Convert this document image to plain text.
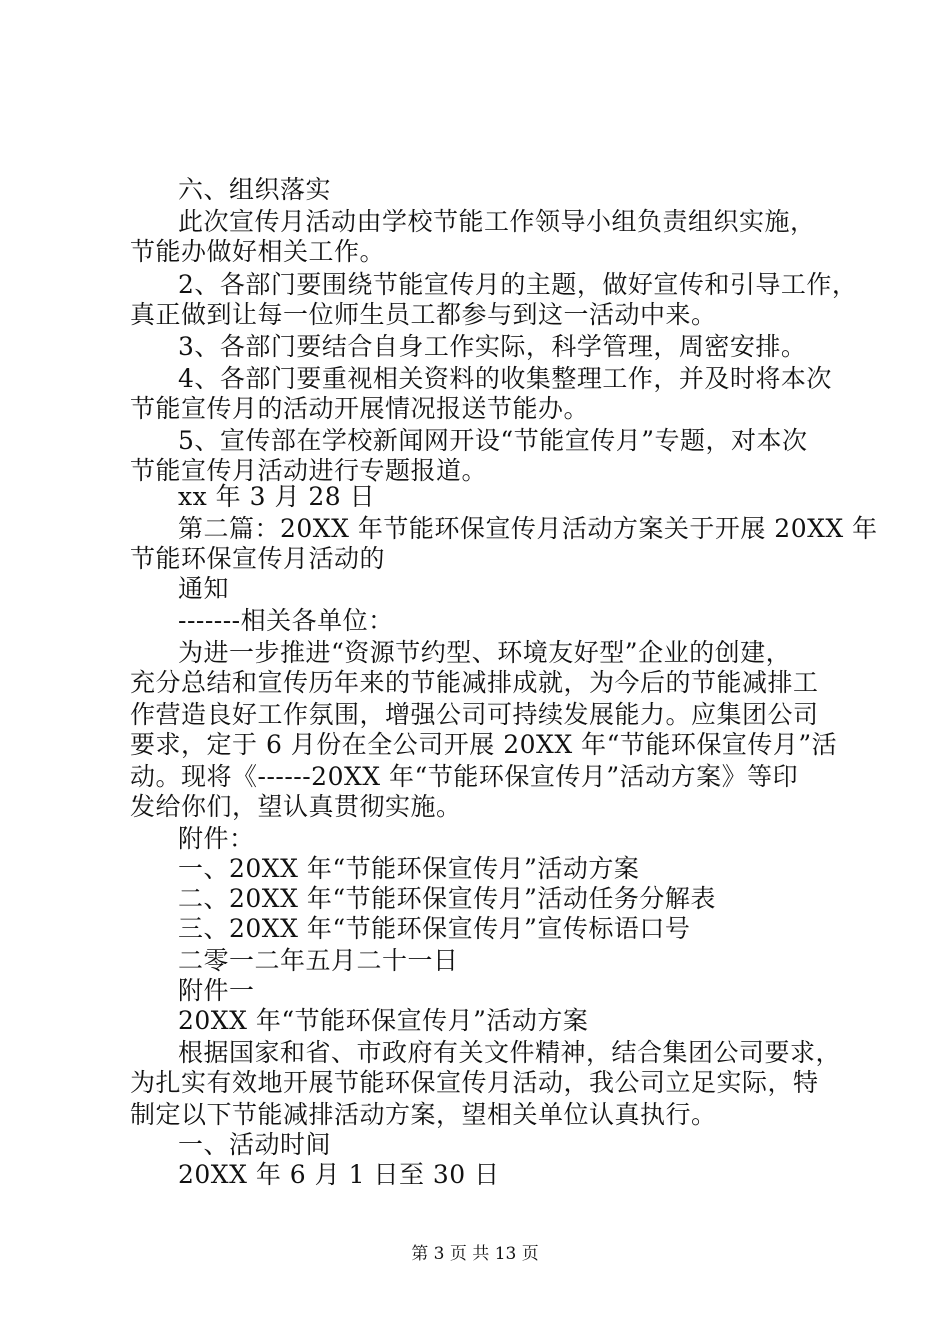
六、组织落实
此次宣传月活动由学校节能工作领导小组负责组织实施，
节能办做好相关工作。
2、各部门要围绕节能宣传月的主题，做好宣传和引导工作，
真正做到让每一位师生员工都参与到这一活动中来。
3、各部门要结合自身工作实际，科学管理，周密安排。
4、各部门要重视相关资料的收集整理工作，并及时将本次
节能宣传月的活动开展情况报送节能办。
5、宣传部在学校新闻网开设“节能宣传月”专题，对本次
节能宣传月活动进行专题报道。
xx 年 3 月 28 日
第二篇：20XX 年节能环保宣传月活动方案关于开展 20XX 年
节能环保宣传月活动的
通知
-------相关各单位：
为进一步推进“资源节约型、环境友好型”企业的创建，
充分总结和宣传历年来的节能减排成就，为今后的节能减排工
作营造良好工作氛围，增强公司可持续发展能力。应集团公司
要求，定于 6 月份在全公司开展 20XX 年“节能环保宣传月”活
动。现将《------20XX 年“节能环保宣传月”活动方案》等印
发给你们，望认真贯彻实施。
附件：
一、20XX 年“节能环保宣传月”活动方案
二、20XX 年“节能环保宣传月”活动任务分解表
三、20XX 年“节能环保宣传月”宣传标语口号
二零一二年五月二十一日
附件一
20XX 年“节能环保宣传月”活动方案
根据国家和省、市政府有关文件精神，结合集团公司要求，
为扎实有效地开展节能环保宣传月活动，我公司立足实际，特
制定以下节能减排活动方案，望相关单位认真执行。
一、活动时间
20XX 年 6 月 1 日至 30 日
第 3 页 共 13 页
